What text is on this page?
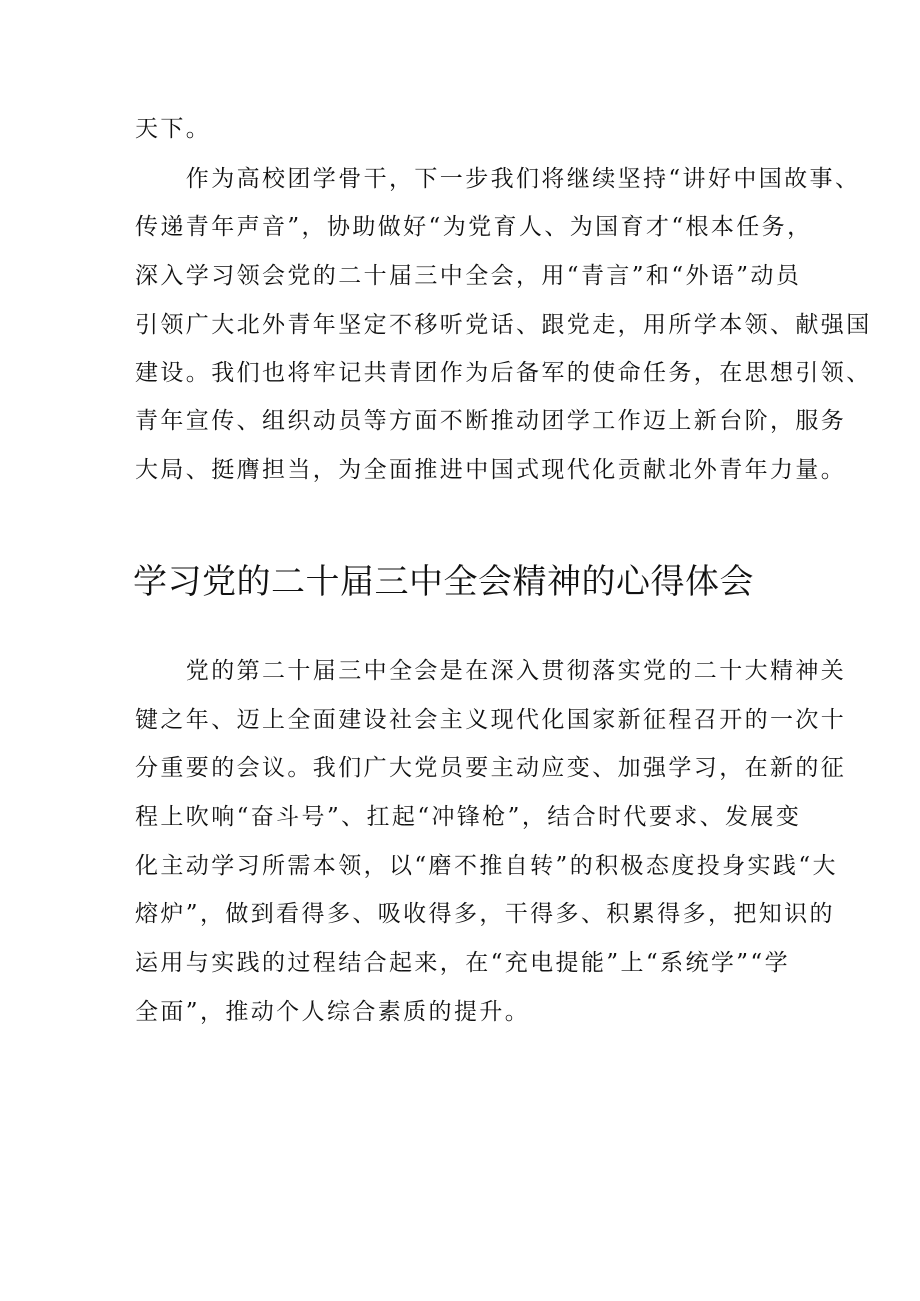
天下。
　　作为高校团学骨干，下一步我们将继续坚持“讲好中国故事、
传递青年声音”，协助做好“为党育人、为国育才“根本任务，
深入学习领会党的二十届三中全会，用“青言”和“外语”动员
引领广大北外青年坚定不移听党话、跟党走，用所学本领、献强国
建设。我们也将牢记共青团作为后备军的使命任务，在思想引领、
青年宣传、组织动员等方面不断推动团学工作迈上新台阶，服务
大局、挺膺担当，为全面推进中国式现代化贡献北外青年力量。
学习党的二十届三中全会精神的心得体会
　　党的第二十届三中全会是在深入贯彻落实党的二十大精神关
键之年、迈上全面建设社会主义现代化国家新征程召开的一次十
分重要的会议。我们广大党员要主动应变、加强学习，在新的征
程上吹响“奋斗号”、扛起“冲锋枪”，结合时代要求、发展变
化主动学习所需本领，以“磨不推自转”的积极态度投身实践“大
熔炉”，做到看得多、吸收得多，干得多、积累得多，把知识的
运用与实践的过程结合起来，在“充电提能”上“系统学”“学
全面”，推动个人综合素质的提升。
